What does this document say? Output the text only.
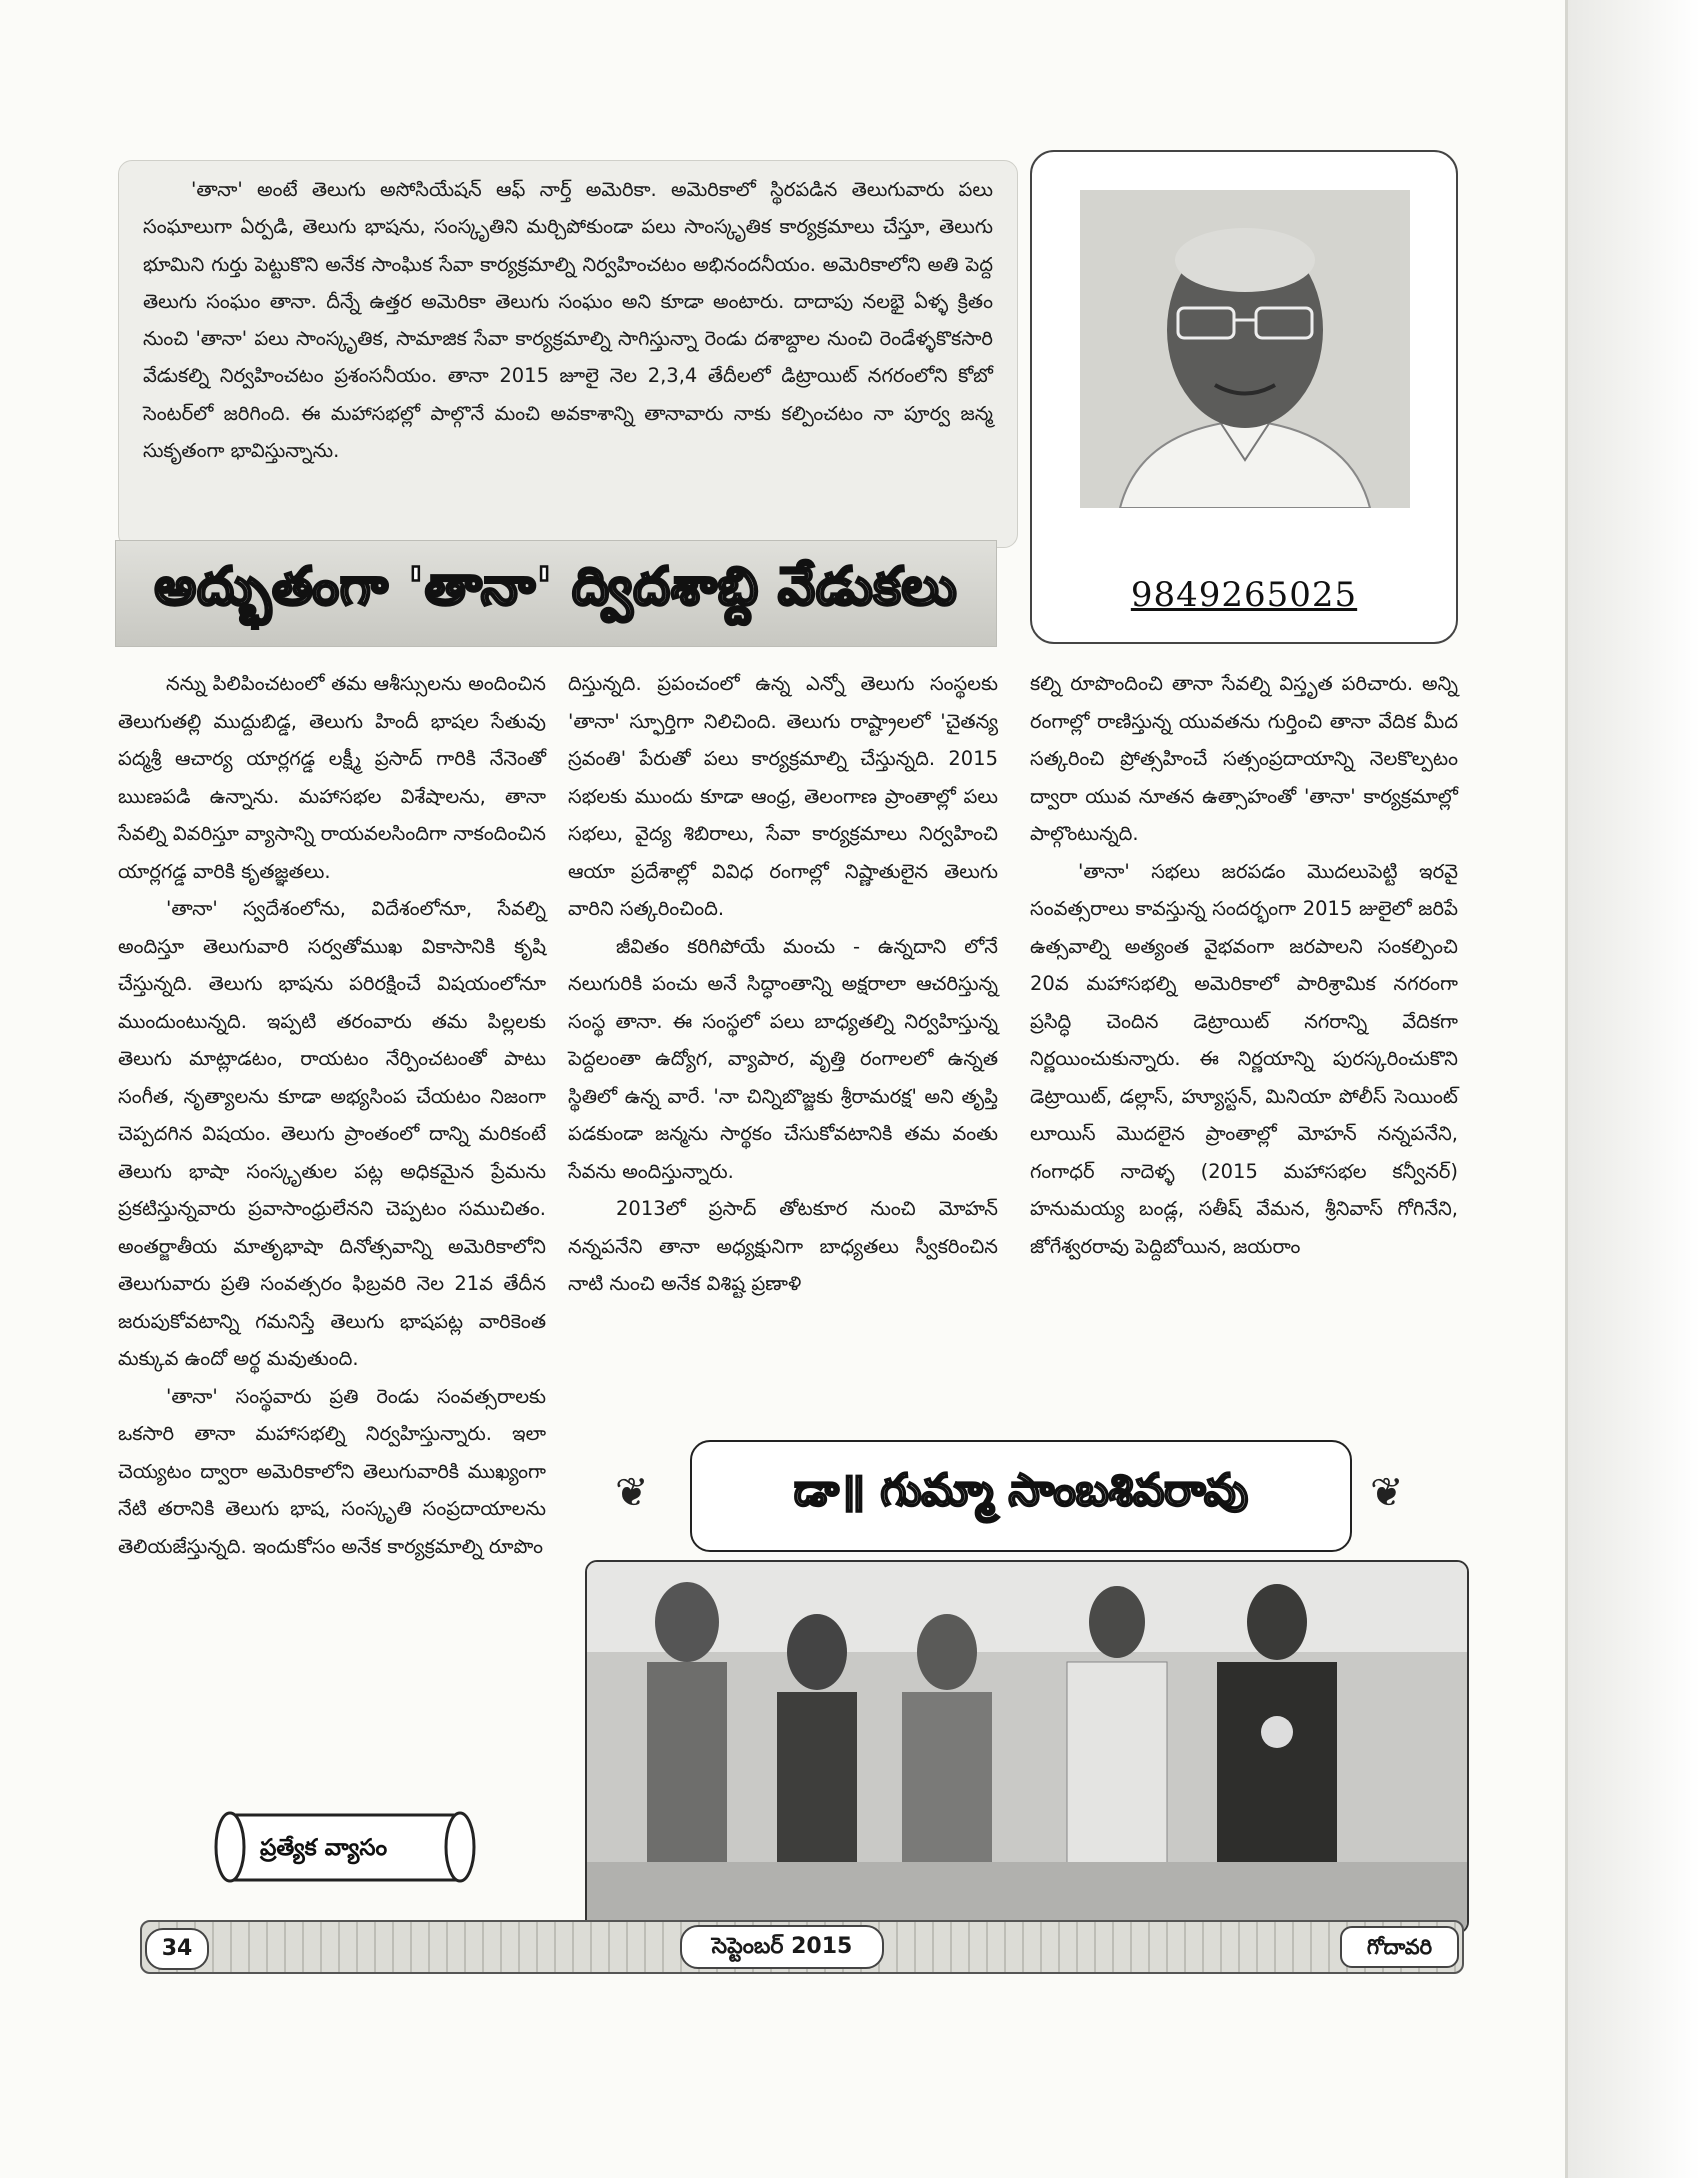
'తానా' అంటే తెలుగు అసోసియేషన్ ఆఫ్ నార్త్ అమెరికా. అమెరికాలో స్థిరపడిన తెలుగువారు పలు సంఘాలుగా ఏర్పడి, తెలుగు భాషను, సంస్కృతిని మర్చిపోకుండా పలు సాంస్కృతిక కార్యక్రమాలు చేస్తూ, తెలుగు భూమిని గుర్తు పెట్టుకొని అనేక సాంఘిక సేవా కార్యక్రమాల్ని నిర్వహించటం అభినందనీయం. అమెరికాలోని అతి పెద్ద తెలుగు సంఘం తానా. దీన్నే ఉత్తర అమెరికా తెలుగు సంఘం అని కూడా అంటారు. దాదాపు నలభై ఏళ్ళ క్రితం నుంచి 'తానా' పలు సాంస్కృతిక, సామాజిక సేవా కార్యక్రమాల్ని సాగిస్తున్నా రెండు దశాబ్దాల నుంచి రెండేళ్ళకొకసారి వేడుకల్ని నిర్వహించటం ప్రశంసనీయం. తానా 2015 జూలై నెల 2,3,4 తేదీలలో డిట్రాయిట్ నగరంలోని కోబో సెంటర్‌లో జరిగింది. ఈ మహాసభల్లో పాల్గొనే మంచి అవకాశాన్ని తానావారు నాకు కల్పించటం నా పూర్వ జన్మ సుకృతంగా భావిస్తున్నాను.

9849265025
అద్భుతంగా 'తానా' ద్విదశాబ్ది వేడుకలు

నన్ను పిలిపించటంలో తమ ఆశీస్సులను అందించిన తెలుగుతల్లి ముద్దుబిడ్డ, తెలుగు హిందీ భాషల సేతువు పద్మశ్రీ ఆచార్య యార్లగడ్డ లక్ష్మీ ప్రసాద్ గారికి నేనెంతో ఋణపడి ఉన్నాను. మహాసభల విశేషాలను, తానా సేవల్ని వివరిస్తూ వ్యాసాన్ని రాయవలసిందిగా నాకందించిన యార్లగడ్డ వారికి కృతజ్ఞతలు.

'తానా' స్వదేశంలోను, విదేశంలోనూ, సేవల్ని అందిస్తూ తెలుగువారి సర్వతోముఖ వికాసానికి కృషి చేస్తున్నది. తెలుగు భాషను పరిరక్షించే విషయంలోనూ ముందుంటున్నది. ఇప్పటి తరంవారు తమ పిల్లలకు తెలుగు మాట్లాడటం, రాయటం నేర్పించటంతో పాటు సంగీత, నృత్యాలను కూడా అభ్యసింప చేయటం నిజంగా చెప్పదగిన విషయం. తెలుగు ప్రాంతంలో దాన్ని మరికంటే తెలుగు భాషా సంస్కృతుల పట్ల అధికమైన ప్రేమను ప్రకటిస్తున్నవారు ప్రవాసాంధ్రులేనని చెప్పటం సముచితం. అంతర్జాతీయ మాతృభాషా దినోత్సవాన్ని అమెరికాలోని తెలుగువారు ప్రతి సంవత్సరం ఫిబ్రవరి నెల 21వ తేదీన జరుపుకోవటాన్ని గమనిస్తే తెలుగు భాషపట్ల వారికెంత మక్కువ ఉందో అర్థ మవుతుంది.

'తానా' సంస్థవారు ప్రతి రెండు సంవత్సరాలకు ఒకసారి తానా మహాసభల్ని నిర్వహిస్తున్నారు. ఇలా చెయ్యటం ద్వారా అమెరికాలోని తెలుగువారికి ముఖ్యంగా నేటి తరానికి తెలుగు భాష, సంస్కృతి సంప్రదాయాలను తెలియజేస్తున్నది. ఇందుకోసం అనేక కార్యక్రమాల్ని రూపొం

దిస్తున్నది. ప్రపంచంలో ఉన్న ఎన్నో తెలుగు సంస్థలకు 'తానా' స్ఫూర్తిగా నిలిచింది. తెలుగు రాష్ట్రాలలో 'చైతన్య స్రవంతి' పేరుతో పలు కార్యక్రమాల్ని చేస్తున్నది. 2015 సభలకు ముందు కూడా ఆంధ్ర, తెలంగాణ ప్రాంతాల్లో పలు సభలు, వైద్య శిబిరాలు, సేవా కార్యక్రమాలు నిర్వహించి ఆయా ప్రదేశాల్లో వివిధ రంగాల్లో నిష్ణాతులైన తెలుగు వారిని సత్కరించింది.

జీవితం కరిగిపోయే మంచు - ఉన్నదాని లోనే నలుగురికి పంచు అనే సిద్ధాంతాన్ని అక్షరాలా ఆచరిస్తున్న సంస్థ తానా. ఈ సంస్థలో పలు బాధ్యతల్ని నిర్వహిస్తున్న పెద్దలంతా ఉద్యోగ, వ్యాపార, వృత్తి రంగాలలో ఉన్నత స్థితిలో ఉన్న వారే. 'నా చిన్నిబొజ్జకు శ్రీరామరక్ష' అని తృప్తి పడకుండా జన్మను సార్థకం చేసుకోవటానికి తమ వంతు సేవను అందిస్తున్నారు.

2013లో ప్రసాద్ తోటకూర నుంచి మోహన్ నన్నపనేని తానా అధ్యక్షునిగా బాధ్యతలు స్వీకరించిన నాటి నుంచి అనేక విశిష్ట ప్రణాళి

కల్ని రూపొందించి తానా సేవల్ని విస్తృత పరిచారు. అన్ని రంగాల్లో రాణిస్తున్న యువతను గుర్తించి తానా వేదిక మీద సత్కరించి ప్రోత్సహించే సత్సంప్రదాయాన్ని నెలకొల్పటం ద్వారా యువ నూతన ఉత్సాహంతో 'తానా' కార్యక్రమాల్లో పాల్గొంటున్నది.

'తానా' సభలు జరపడం మొదలుపెట్టి ఇరవై సంవత్సరాలు కావస్తున్న సందర్భంగా 2015 జులైలో జరిపే ఉత్సవాల్ని అత్యంత వైభవంగా జరపాలని సంకల్పించి 20వ మహాసభల్ని అమెరికాలో పారిశ్రామిక నగరంగా ప్రసిద్ధి చెందిన డెట్రాయిట్ నగరాన్ని వేదికగా నిర్ణయించుకున్నారు. ఈ నిర్ణయాన్ని పురస్కరించుకొని డెట్రాయిట్, డల్లాస్, హ్యూస్టన్, మినియా పోలీస్ సెయింట్ లూయిస్ మొదలైన ప్రాంతాల్లో మోహన్ నన్నపనేని, గంగాధర్ నాదెళ్ళ (2015 మహాసభల కన్వీనర్) హనుమయ్య బండ్ల, సతీష్ వేమన, శ్రీనివాస్ గోగినేని, జోగేశ్వరరావు పెద్దిబోయిన, జయరాం

❦	❦
డా॥ గుమ్మా సాంబశివరావు
ప్రత్యేక వ్యాసం
34	సెప్టెంబర్ 2015	గోదావరి
